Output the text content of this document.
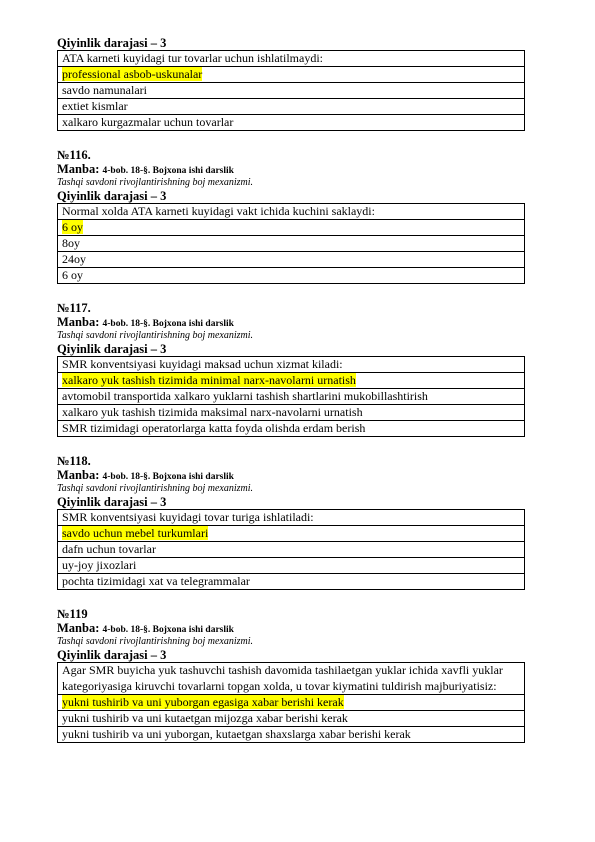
Qiyinlik darajasi – 3
ATA karneti kuyidagi tur tovarlar uchun ishlatilmaydi:
professional asbob-uskunalar
savdo namunalari
extiet kismlar
xalkaro kurgazmalar uchun tovarlar
№116.
Manba: 4-bob. 18-§. Bojxona ishi darslik
Tashqi savdoni rivojlantirishning boj mexanizmi.
Qiyinlik darajasi – 3
Normal xolda ATA karneti kuyidagi vakt ichida kuchini saklaydi:
6 oy
8oy
24oy
6 oy
№117.
Manba: 4-bob. 18-§. Bojxona ishi darslik
Tashqi savdoni rivojlantirishning boj mexanizmi.
Qiyinlik darajasi – 3
SMR konventsiyasi kuyidagi maksad uchun xizmat kiladi:
xalkaro yuk tashish tizimida minimal narx-navolarni urnatish
avtomobil transportida xalkaro yuklarni tashish shartlarini mukobillashtirish
xalkaro yuk tashish tizimida maksimal narx-navolarni urnatish
SMR tizimidagi operatorlarga katta foyda olishda erdam berish
№118.
Manba: 4-bob. 18-§. Bojxona ishi darslik
Tashqi savdoni rivojlantirishning boj mexanizmi.
Qiyinlik darajasi – 3
SMR konventsiyasi kuyidagi tovar turiga ishlatiladi:
savdo uchun mebel turkumlari
dafn uchun tovarlar
uy-joy jixozlari
pochta tizimidagi xat va telegrammalar
№119
Manba: 4-bob. 18-§. Bojxona ishi darslik
Tashqi savdoni rivojlantirishning boj mexanizmi.
Qiyinlik darajasi – 3
Agar SMR buyicha yuk tashuvchi tashish davomida tashilaetgan yuklar ichida xavfli yuklar kategoriyasiga kiruvchi tovarlarni topgan xolda, u tovar kiymatini tuldirish majburiyatisiz:
yukni tushirib va uni yuborgan egasiga xabar berishi kerak
yukni tushirib va uni kutaetgan mijozga xabar berishi kerak
yukni tushirib va uni yuborgan, kutaetgan shaxslarga xabar berishi kerak
